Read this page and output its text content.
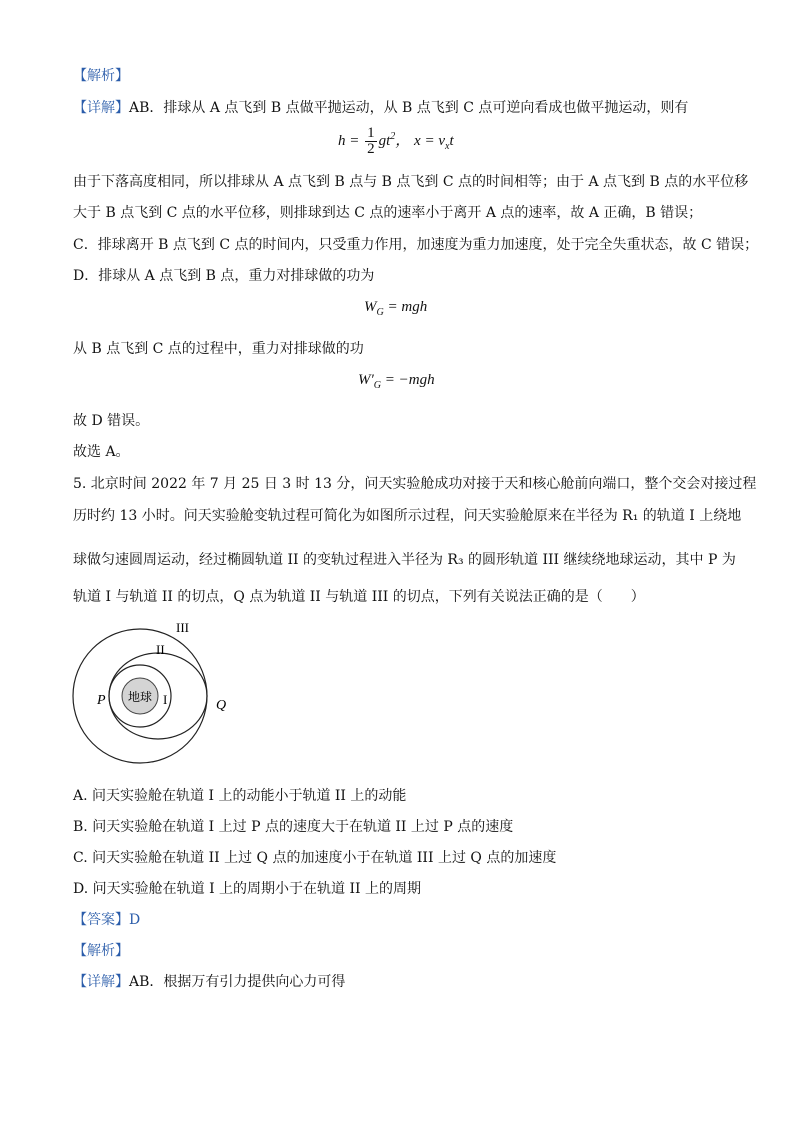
【解析】
【详解】AB．排球从 A 点飞到 B 点做平抛运动，从 B 点飞到 C 点可逆向看成也做平抛运动，则有
$h = \frac{1}{2} gt^2$， $x = v_xt$
由于下落高度相同，所以排球从 A 点飞到 B 点与 B 点飞到 C 点的时间相等；由于 A 点飞到 B 点的水平位移
大于 B 点飞到 C 点的水平位移，则排球到达 C 点的速率小于离开 A 点的速率，故 A 正确，B 错误；
C．排球离开 B 点飞到 C 点的时间内，只受重力作用，加速度为重力加速度，处于完全失重状态，故 C 错误；
D．排球从 A 点飞到 B 点，重力对排球做的功为
$W_G$ = mgh
从 B 点飞到 C 点的过程中，重力对排球做的功
$W'_G = -mgh$
故 D 错误。
故选 A。
5. 北京时间 2022 年 7 月 25 日 3 时 13 分，问天实验舱成功对接于天和核心舱前向端口，整个交会对接过程
历时约 13 小时。问天实验舱变轨过程可简化为如图所示过程，问天实验舱原来在半径为 R₁ 的轨道 I 上绕地
球做匀速圆周运动，经过椭圆轨道 II 的变轨过程进入半径为 R₃ 的圆形轨道 III 继续绕地球运动，其中 P 为
轨道 I 与轨道 II 的切点，Q 点为轨道 II 与轨道 III 的切点，下列有关说法正确的是（　　）
地球 I
II
III
P	Q
A. 问天实验舱在轨道 I 上的动能小于轨道 II 上的动能
B. 问天实验舱在轨道 I 上过 P 点的速度大于在轨道 II 上过 P 点的速度
C. 问天实验舱在轨道 II 上过 Q 点的加速度小于在轨道 III 上过 Q 点的加速度
D. 问天实验舱在轨道 I 上的周期小于在轨道 II 上的周期
【答案】D
【解析】
【详解】AB．根据万有引力提供向心力可得
